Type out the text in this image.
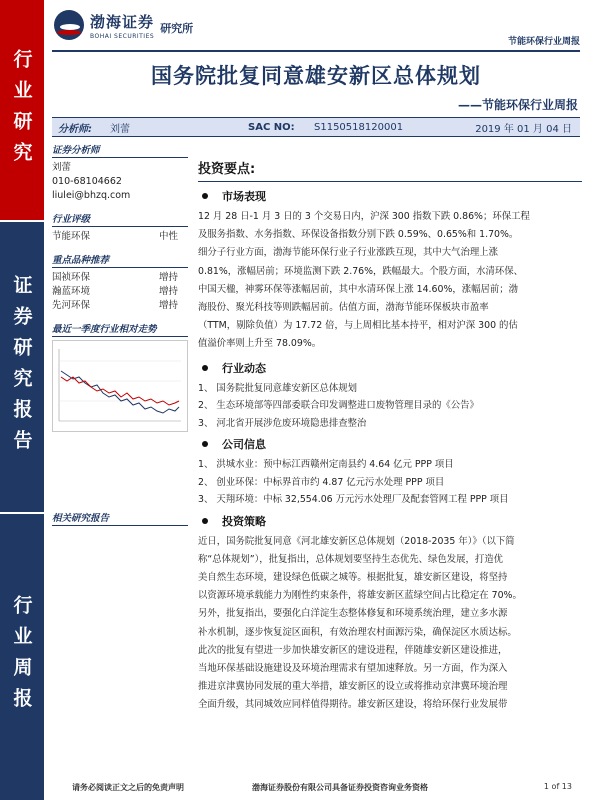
行业研究
证券研究报告
行业周报
渤海证券
BOHAI SECURITIES
研究所
节能环保行业周报
国务院批复同意雄安新区总体规划
——节能环保行业周报
分析师: 刘蕾	SAC NO: S1150518120001	2019 年 01 月 04 日
证券分析师
刘蕾
010-68104662
liulei@bhzq.com
行业评级
节能环保	中性
重点品种推荐
国祯环保	增持
瀚蓝环境	增持
先河环保	增持
最近一季度行业相对走势
相关研究报告
投资要点:
市场表现
12 月 28 日-1 月 3 日的 3 个交易日内，沪深 300 指数下跌 0.86%；环保工程
及服务指数、水务指数、环保设备指数分别下跌 0.59%、0.65%和 1.70%。
细分子行业方面，渤海节能环保行业子行业涨跌互现，其中大气治理上涨
0.81%，涨幅居前；环境监测下跌 2.76%，跌幅最大。个股方面，水清环保、
中国天楹，神雾环保等涨幅居前，其中水清环保上涨 14.60%，涨幅居前；渤
海股份、聚光科技等则跌幅居前。估值方面，渤海节能环保板块市盈率
（TTM，剔除负值）为 17.72 倍，与上周相比基本持平，相对沪深 300 的估
值溢价率则上升至 78.09%。
行业动态
1、 国务院批复同意雄安新区总体规划
2、 生态环境部等四部委联合印发调整进口废物管理目录的《公告》
3、 河北省开展涉危废环境隐患排查整治
公司信息
1、 洪城水业：预中标江西赣州定南县约 4.64 亿元 PPP 项目
2、 创业环保：中标界首市约 4.87 亿元污水处理 PPP 项目
3、 天翔环境：中标 32,554.06 万元污水处理厂及配套管网工程 PPP 项目
投资策略
近日，国务院批复同意《河北雄安新区总体规划（2018-2035 年）》（以下简
称“总体规划”），批复指出，总体规划要坚持生态优先、绿色发展，打造优
美自然生态环境，建设绿色低碳之城等。根据批复，雄安新区建设，将坚持
以资源环境承载能力为刚性约束条件，将雄安新区蓝绿空间占比稳定在 70%。
另外，批复指出，要强化白洋淀生态整体修复和环境系统治理，建立多水源
补水机制，逐步恢复淀区面积，有效治理农村面源污染，确保淀区水质达标。
此次的批复有望进一步加快雄安新区的建设进程，伴随雄安新区建设推进，
当地环保基础设施建设及环境治理需求有望加速释放。另一方面，作为深入
推进京津冀协同发展的重大举措，雄安新区的设立或将推动京津冀环境治理
全面升级，其同城效应同样值得期待。雄安新区建设，将给环保行业发展带
请务必阅读正文之后的免责声明	渤海证券股份有限公司具备证券投资咨询业务资格	1 of 13
